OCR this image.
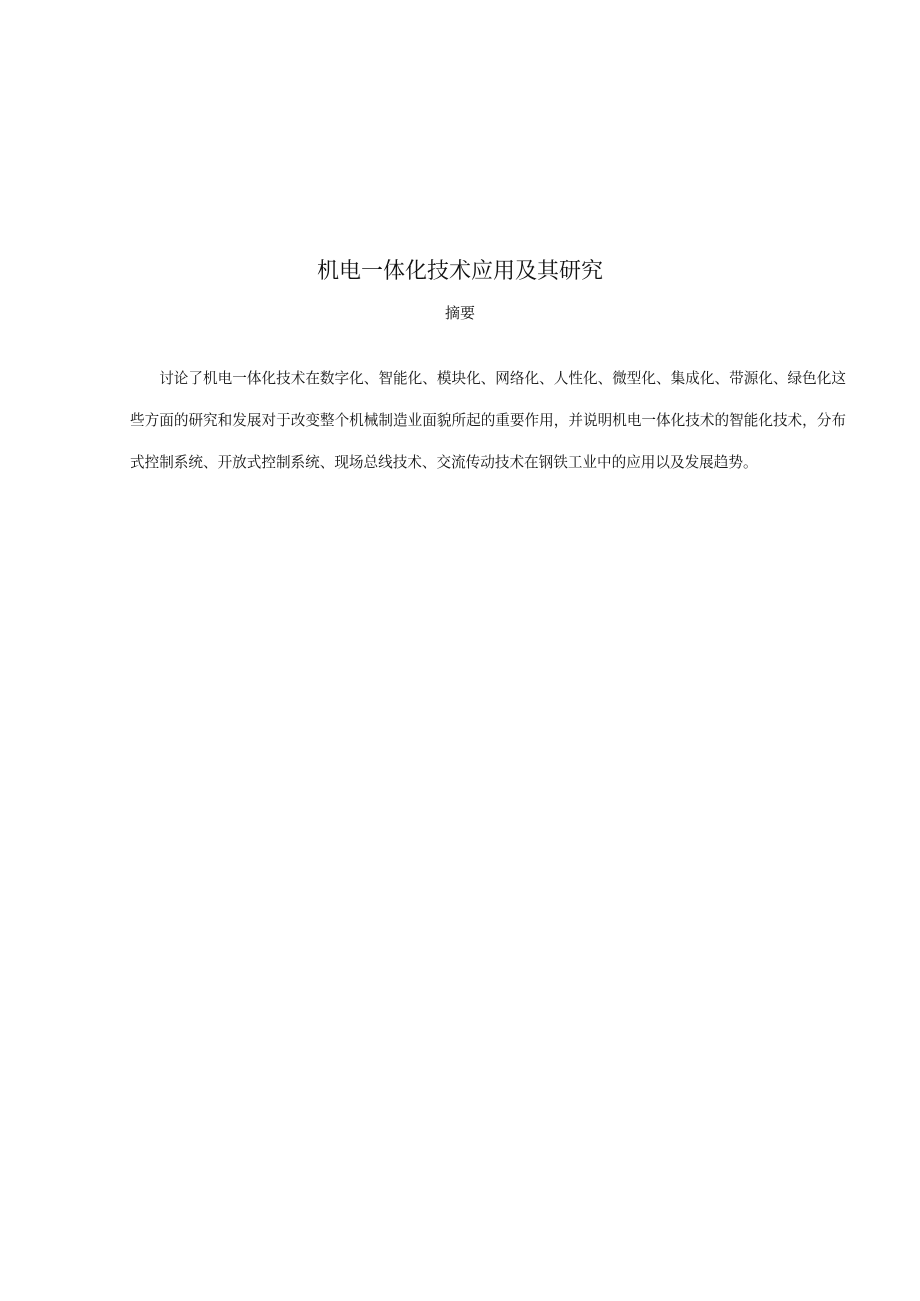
机电一体化技术应用及其研究
摘要

讨论了机电一体化技术在数字化、智能化、模块化、网络化、人性化、微型化、集成化、带源化、绿色化这些方面的研究和发展对于改变整个机械制造业面貌所起的重要作用，并说明机电一体化技术的智能化技术，分布式控制系统、开放式控制系统、现场总线技术、交流传动技术在钢铁工业中的应用以及发展趋势。
